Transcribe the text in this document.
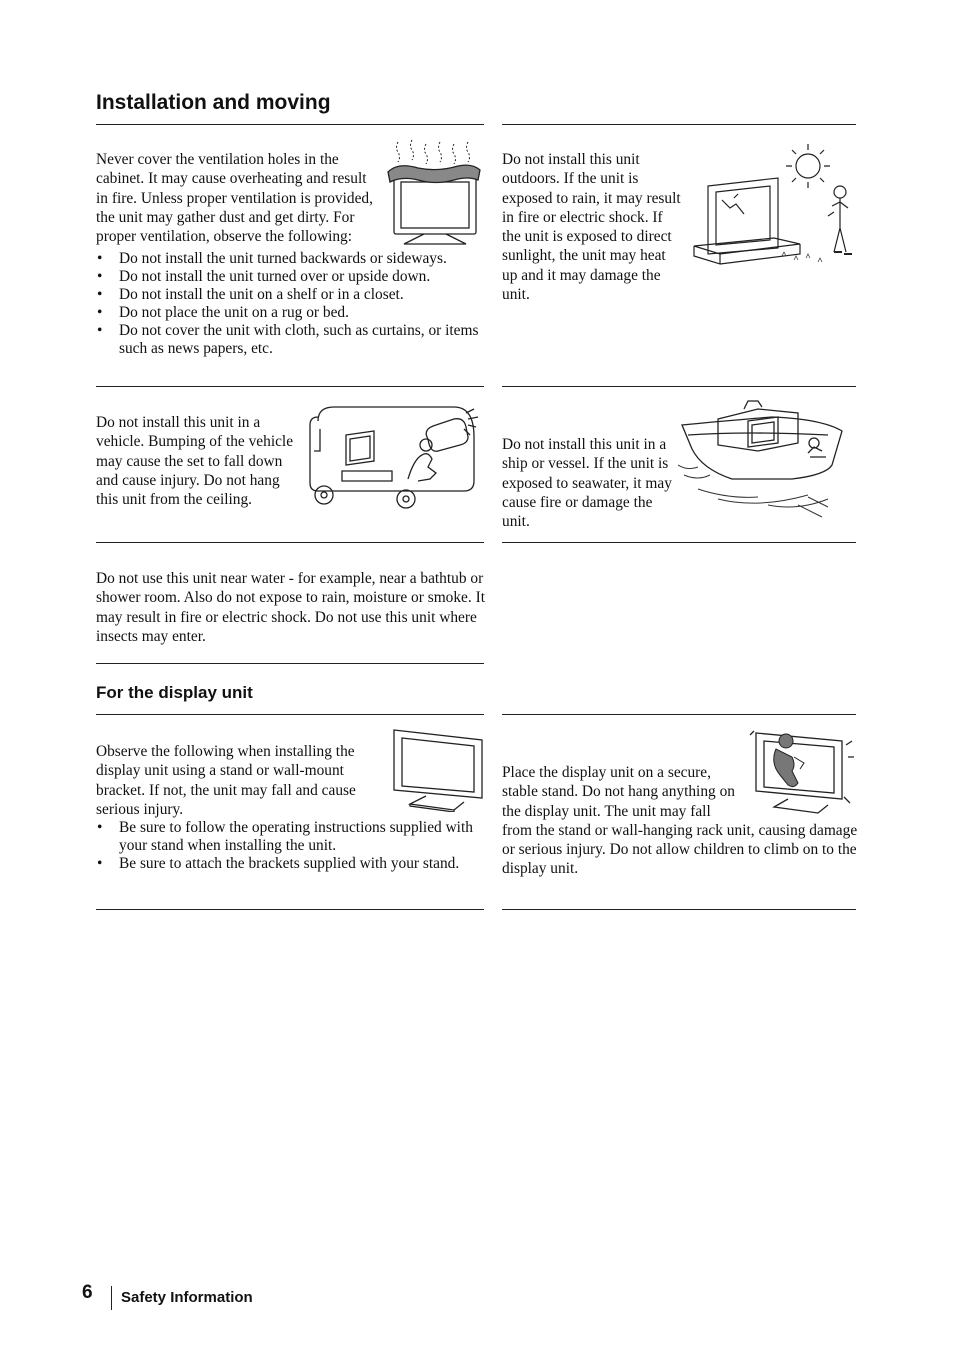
Installation and moving

Never cover the ventilation holes in the cabinet. It may cause overheating and result in fire. Unless proper ventilation is provided, the unit may gather dust and get dirty. For proper ventilation, observe the following:

• Do not install the unit turned backwards or sideways.
• Do not install the unit turned over or upside down.
• Do not install the unit on a shelf or in a closet.
• Do not place the unit on a rug or bed.
• Do not cover the unit with cloth, such as curtains, or items such as news papers, etc.

Do not install this unit outdoors. If the unit is exposed to rain, it may result in fire or electric shock. If the unit is exposed to direct sunlight, the unit may heat up and it may damage the unit.

Do not install this unit in a vehicle. Bumping of the vehicle may cause the set to fall down and cause injury. Do not hang this unit from the ceiling.

Do not install this unit in a ship or vessel. If the unit is exposed to seawater, it may cause fire or damage the unit.

Do not use this unit near water - for example, near a bathtub or shower room. Also do not expose to rain, moisture or smoke. It may result in fire or electric shock. Do not use this unit where insects may enter.

For the display unit

Observe the following when installing the display unit using a stand or wall-mount bracket. If not, the unit may fall and cause serious injury.

• Be sure to follow the operating instructions supplied with your stand when installing the unit.
• Be sure to attach the brackets supplied with your stand.

Place the display unit on a secure, stable stand. Do not hang anything on the display unit. The unit may fall from the stand or wall-hanging rack unit, causing damage or serious injury. Do not allow children to climb on to the display unit.

6 Safety Information
